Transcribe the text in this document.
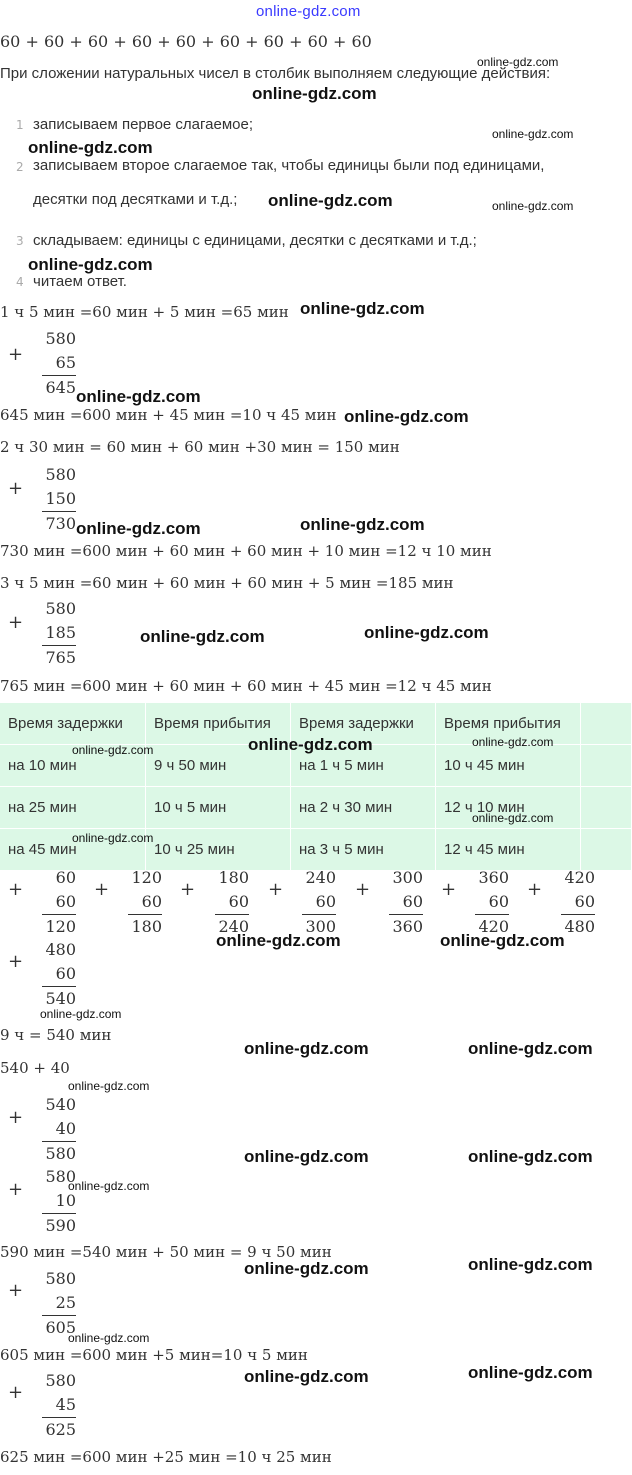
online-gdz.com
60 + 60 + 60 + 60 + 60 + 60 + 60 + 60 + 60
При сложении натуральных чисел в столбик выполняем следующие действия:
1 записываем первое слагаемое;
2 записываем второе слагаемое так, чтобы единицы были под единицами,
десятки под десятками и т.д.;
3 складываем: единицы с единицами, десятки с десятками и т.д.;
4 читаем ответ.
1 ч 5 мин =60 мин + 5 мин =65 мин
+
580
65
645
645 мин =600 мин + 45 мин =10 ч 45 мин
2 ч 30 мин = 60 мин + 60 мин +30 мин = 150 мин
+
580
150
730
730 мин =600 мин + 60 мин + 60 мин + 10 мин =12 ч 10 мин
3 ч 5 мин =60 мин + 60 мин + 60 мин + 5 мин =185 мин
+
580
185
765
765 мин =600 мин + 60 мин + 60 мин + 45 мин =12 ч 45 мин
Время задержки	Время прибытия	Время задержки	Время прибытия	
на 10 мин	9 ч 50 мин	на 1 ч 5 мин	10 ч 45 мин	
на 25 мин	10 ч 5 мин	на 2 ч 30 мин	12 ч 10 мин	
на 45 мин	10 ч 25 мин	на 3 ч 5 мин	12 ч 45 мин	
+
60
60
120
+
120
60
180
+
180
60
240
+
240
60
300
+
300
60
360
+
360
60
420
+
420
60
480
+
480
60
540
9 ч = 540 мин
540 + 40
+
540
40
580
+
580
10
590
590 мин =540 мин + 50 мин = 9 ч 50 мин
+
580
25
605
605 мин =600 мин +5 мин=10 ч 5 мин
+
580
45
625
625 мин =600 мин +25 мин =10 ч 25 мин
online-gdz.com
online-gdz.com
online-gdz.com
online-gdz.com
online-gdz.com
online-gdz.com
online-gdz.com
online-gdz.com	online-gdz.com
online-gdz.com	online-gdz.com
online-gdz.com
online-gdz.com	online-gdz.com
online-gdz.com	online-gdz.com
online-gdz.com	online-gdz.com
online-gdz.com	online-gdz.com
online-gdz.com	online-gdz.com
online-gdz.com
online-gdz.com
online-gdz.com
online-gdz.com
online-gdz.com
online-gdz.com
online-gdz.com
online-gdz.com
online-gdz.com
online-gdz.com
online-gdz.com
